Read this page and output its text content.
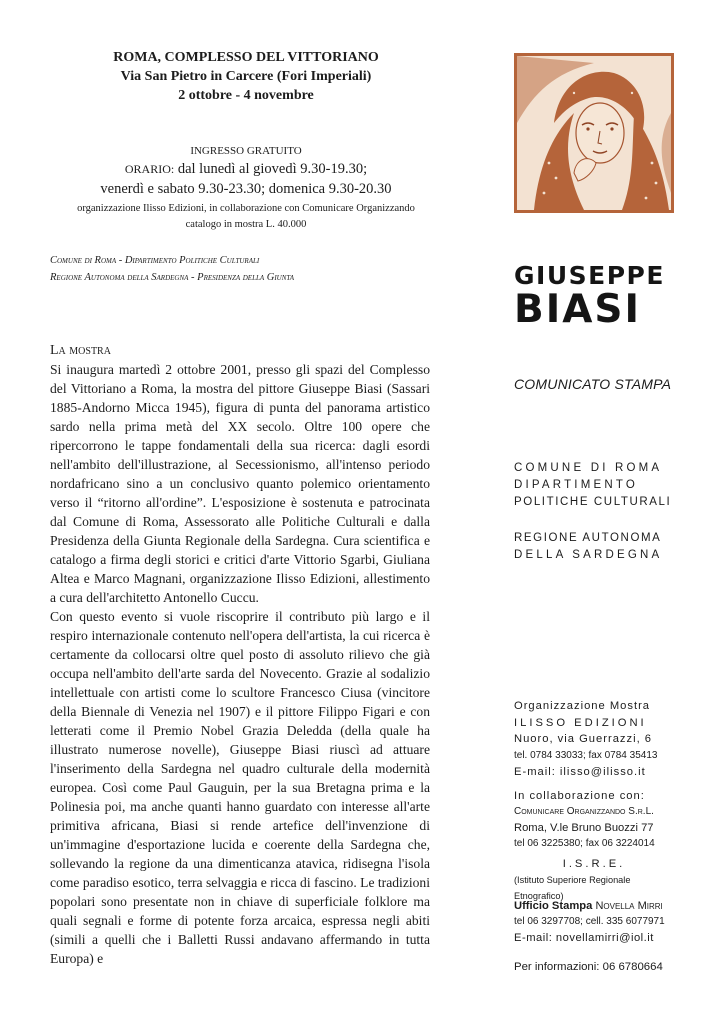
ROMA, COMPLESSO DEL VITTORIANO
Via San Pietro in Carcere (Fori Imperiali)
2 ottobre - 4 novembre
INGRESSO GRATUITO
ORARIO: dal lunedì al giovedì 9.30-19.30;
venerdì e sabato 9.30-23.30; domenica 9.30-20.30
organizzazione Ilisso Edizioni, in collaborazione con Comunicare Organizzando
catalogo in mostra L. 40.000
Comune di Roma - Dipartimento Politiche Culturali
Regione Autonoma della Sardegna - Presidenza della Giunta

La mostra

Si inaugura martedì 2 ottobre 2001, presso gli spazi del Complesso del Vittoriano a Roma, la mostra del pittore Giuseppe Biasi (Sassari 1885-Andorno Micca 1945), figura di punta del panorama artistico sardo nella prima metà del XX secolo. Oltre 100 opere che ripercorrono le tappe fondamentali della sua ricerca: dagli esordi nell'ambito dell'illustrazione, al Secessionismo, all'intenso periodo nordafricano sino a un conclusivo quanto polemico orientamento verso il “ritorno all'ordine”. L'esposizione è sostenuta e patrocinata dal Comune di Roma, Assessorato alle Politiche Culturali e dalla Presidenza della Giunta Regionale della Sardegna. Cura scientifica e catalogo a firma degli storici e critici d'arte Vittorio Sgarbi, Giuliana Altea e Marco Magnani, organizzazione Ilisso Edizioni, allestimento a cura dell'architetto Antonello Cuccu.

Con questo evento si vuole riscoprire il contributo più largo e il respiro internazionale contenuto nell'opera dell'artista, la cui ricerca è certamente da collocarsi oltre quel posto di assoluto rilievo che già occupa nell'ambito dell'arte sarda del Novecento. Grazie al sodalizio intellettuale con artisti come lo scultore Francesco Ciusa (vincitore della Biennale di Venezia nel 1907) e il pittore Filippo Figari e con letterati come il Premio Nobel Grazia Deledda (della quale ha illustrato numerose novelle), Giuseppe Biasi riuscì ad attuare l'inserimento della Sardegna nel quadro culturale della modernità europea. Così come Paul Gauguin, per la sua Bretagna prima e la Polinesia poi, ma anche quanti hanno guardato con interesse all'arte primitiva africana, Biasi si rende artefice dell'invenzione di un'immagine d'esportazione lucida e coerente della Sardegna che, sollevando la regione da una dimenticanza atavica, ridisegna l'isola come paradiso esotico, terra selvaggia e ricca di fascino. Le tradizioni popolari sono presentate non in chiave di superficiale folklore ma quali segnali e forme di potente forza arcaica, espressa negli abiti (simili a quelli che i Balletti Russi andavano affermando in tutta Europa) e

GIUSEPPE
BIASI
COMUNICATO STAMPA
COMUNE DI ROMA
DIPARTIMENTO
POLITICHE CULTURALI
REGIONE AUTONOMA
DELLA SARDEGNA
Organizzazione Mostra
ILISSO EDIZIONI
Nuoro, via Guerrazzi, 6
tel. 0784 33033; fax 0784 35413
E-mail: ilisso@ilisso.it
In collaborazione con:
Comunicare Organizzando S.r.L.
Roma, V.le Bruno Buozzi 77
tel 06 3225380; fax 06 3224014
I.S.R.E.
(Istituto Superiore Regionale Etnografico)
Ufficio Stampa Novella Mirri
tel 06 3297708; cell. 335 6077971
E-mail: novellamirri@iol.it
Per informazioni: 06 6780664
